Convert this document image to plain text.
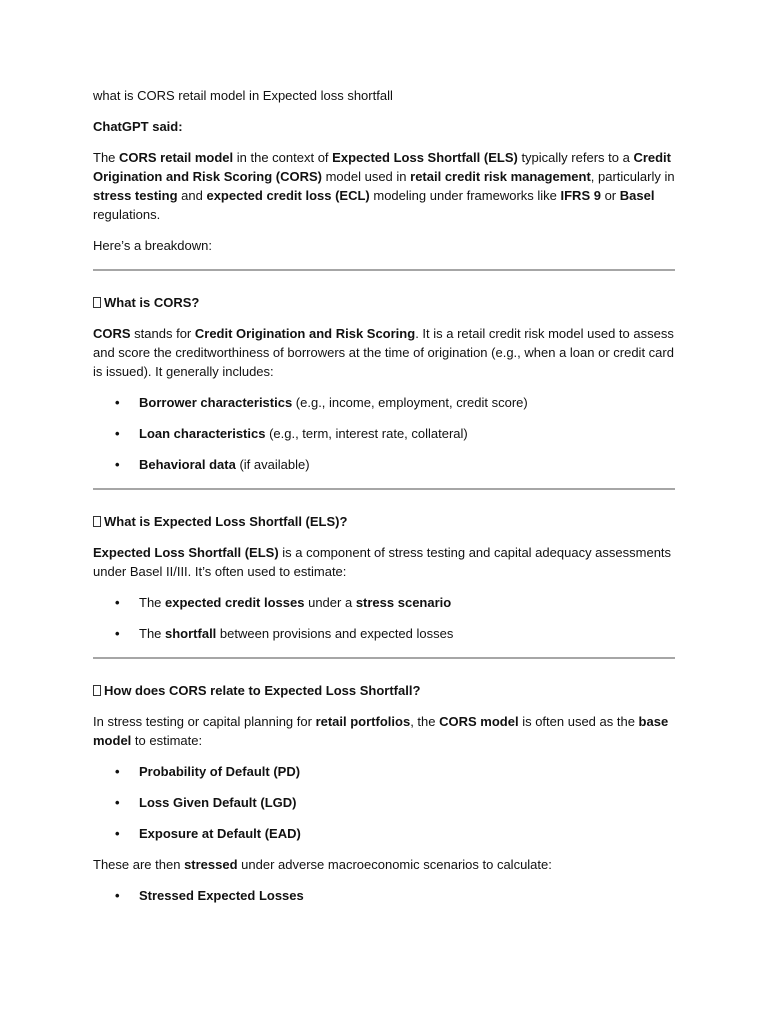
what is CORS retail model in Expected loss shortfall

ChatGPT said:

The CORS retail model in the context of Expected Loss Shortfall (ELS) typically refers to a Credit Origination and Risk Scoring (CORS) model used in retail credit risk management, particularly in stress testing and expected credit loss (ECL) modeling under frameworks like IFRS 9 or Basel regulations.

Here’s a breakdown:

What is CORS?

CORS stands for Credit Origination and Risk Scoring. It is a retail credit risk model used to assess and score the creditworthiness of borrowers at the time of origination (e.g., when a loan or credit card is issued). It generally includes:

• Borrower characteristics (e.g., income, employment, credit score)
• Loan characteristics (e.g., term, interest rate, collateral)
• Behavioral data (if available)
What is Expected Loss Shortfall (ELS)?

Expected Loss Shortfall (ELS) is a component of stress testing and capital adequacy assessments under Basel II/III. It’s often used to estimate:

• The expected credit losses under a stress scenario
• The shortfall between provisions and expected losses
How does CORS relate to Expected Loss Shortfall?

In stress testing or capital planning for retail portfolios, the CORS model is often used as the base model to estimate:

• Probability of Default (PD)
• Loss Given Default (LGD)
• Exposure at Default (EAD)

These are then stressed under adverse macroeconomic scenarios to calculate:

• Stressed Expected Losses
